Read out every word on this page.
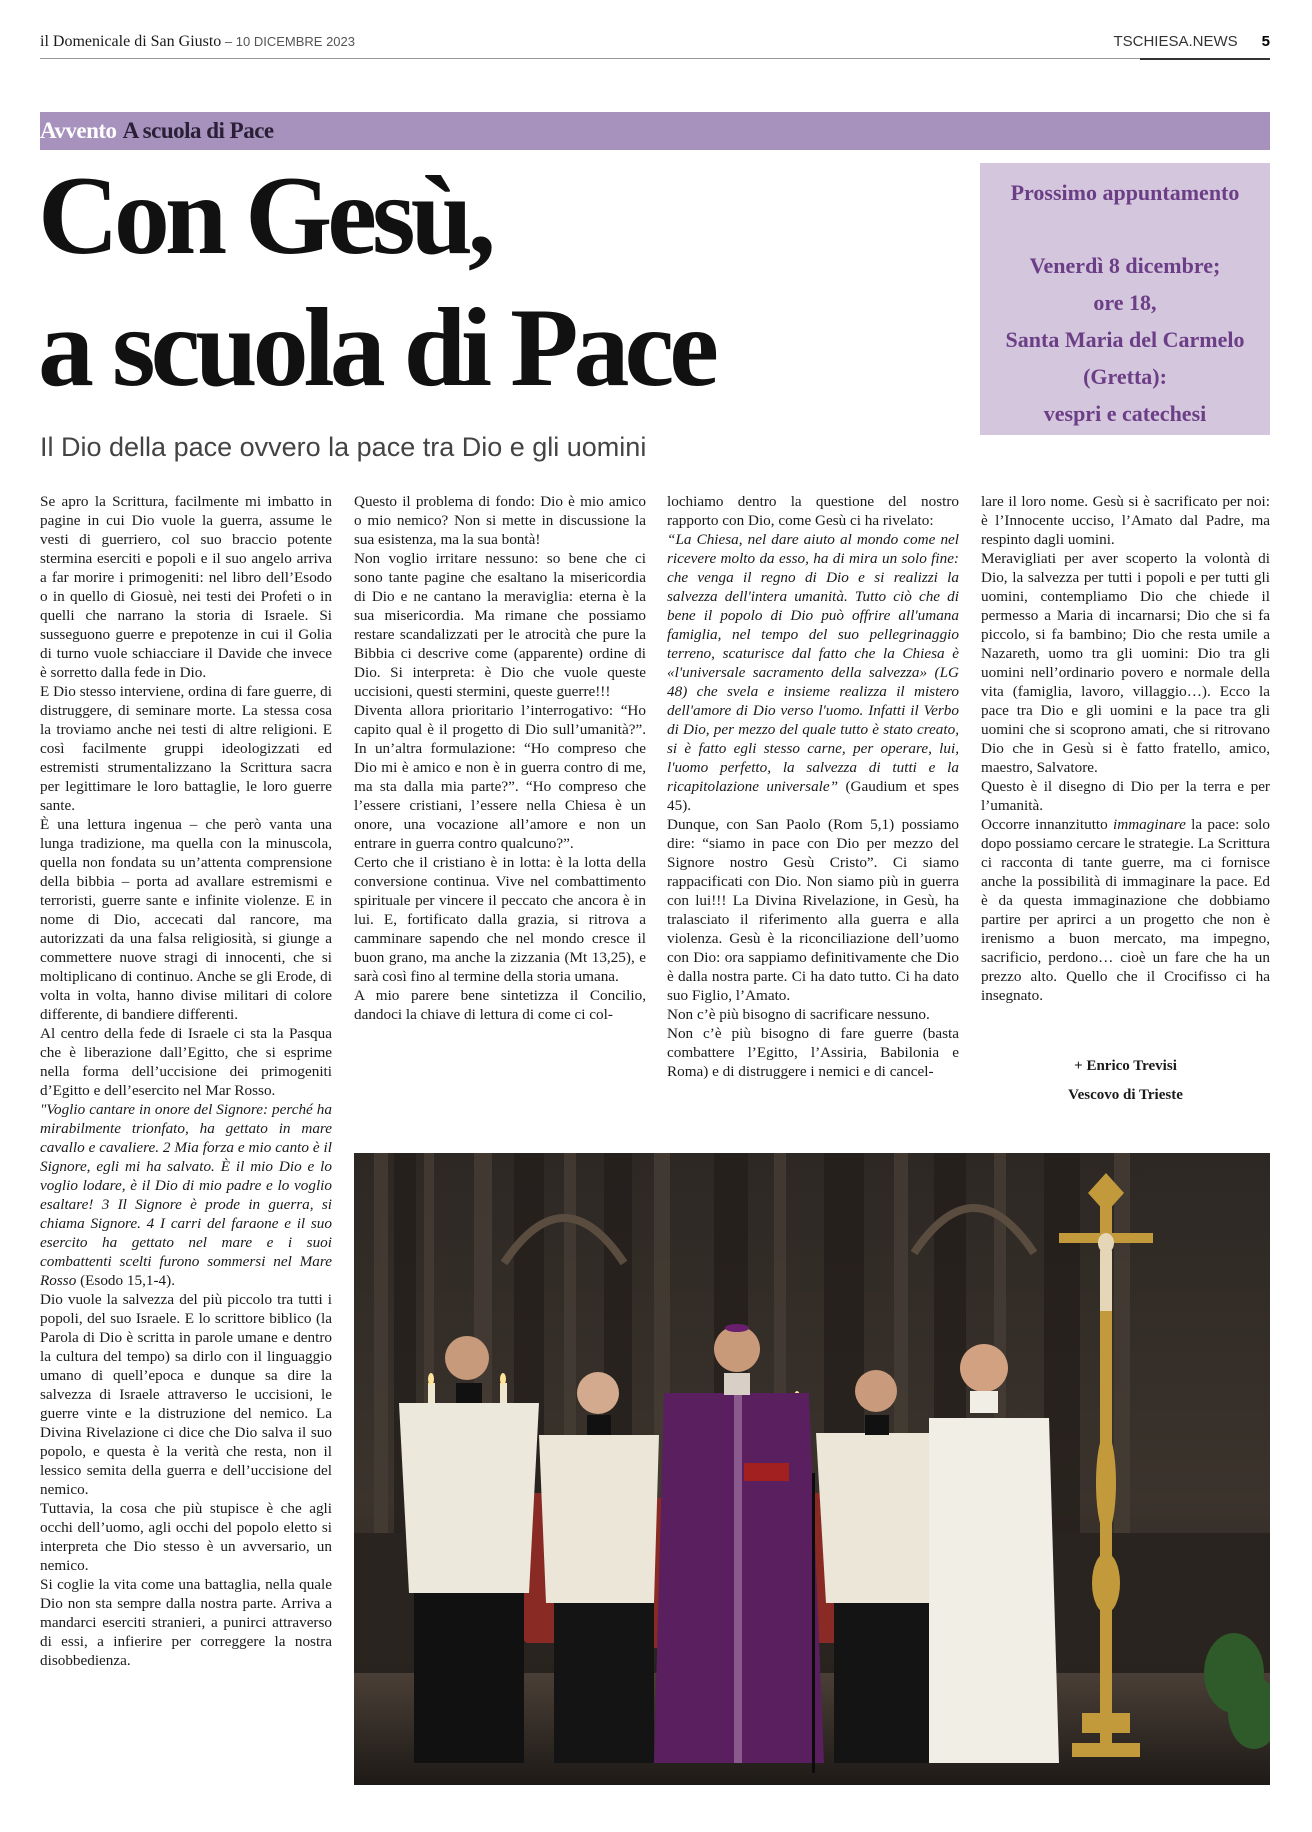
il Domenicale di San Giusto – 10 DICEMBRE 2023	TSCHIESA.NEWS 5
Avvento A scuola di Pace
Con Gesù,
a scuola di Pace
Prossimo appuntamento
Venerdì 8 dicembre;
ore 18,
Santa Maria del Carmelo
(Gretta):
vespri e catechesi
Il Dio della pace ovvero la pace tra Dio e gli uomini

Se apro la Scrittura, facilmente mi imbatto in pagine in cui Dio vuole la guerra, assume le vesti di guerriero, col suo braccio potente stermina eserciti e popoli e il suo angelo arriva a far morire i primogeniti: nel libro dell’Esodo o in quello di Giosuè, nei testi dei Profeti o in quelli che narrano la storia di Israele. Si susseguono guerre e prepotenze in cui il Golia di turno vuole schiacciare il Davide che invece è sorretto dalla fede in Dio.

E Dio stesso interviene, ordina di fare guerre, di distruggere, di seminare morte. La stessa cosa la troviamo anche nei testi di altre religioni. E così facilmente gruppi ideologizzati ed estremisti strumentalizzano la Scrittura sacra per legittimare le loro battaglie, le loro guerre sante.

È una lettura ingenua – che però vanta una lunga tradizione, ma quella con la minuscola, quella non fondata su un’attenta comprensione della bibbia – porta ad avallare estremismi e terroristi, guerre sante e infinite violenze. E in nome di Dio, accecati dal rancore, ma autorizzati da una falsa religiosità, si giunge a commettere nuove stragi di innocenti, che si moltiplicano di continuo. Anche se gli Erode, di volta in volta, hanno divise militari di colore differente, di bandiere differenti.

Al centro della fede di Israele ci sta la Pasqua che è liberazione dall’Egitto, che si esprime nella forma dell’uccisione dei primogeniti d’Egitto e dell’esercito nel Mar Rosso.

"Voglio cantare in onore del Signore: perché ha mirabilmente trionfato, ha gettato in mare cavallo e cavaliere. 2 Mia forza e mio canto è il Signore, egli mi ha salvato. È il mio Dio e lo voglio lodare, è il Dio di mio padre e lo voglio esaltare! 3 Il Signore è prode in guerra, si chiama Signore. 4 I carri del faraone e il suo esercito ha gettato nel mare e i suoi combattenti scelti furono sommersi nel Mare Rosso (Esodo 15,1-4).

Dio vuole la salvezza del più piccolo tra tutti i popoli, del suo Israele. E lo scrittore biblico (la Parola di Dio è scritta in parole umane e dentro la cultura del tempo) sa dirlo con il linguaggio umano di quell’epoca e dunque sa dire la salvezza di Israele attraverso le uccisioni, le guerre vinte e la distruzione del nemico. La Divina Rivelazione ci dice che Dio salva il suo popolo, e questa è la verità che resta, non il lessico semita della guerra e dell’uccisione del nemico.

Tuttavia, la cosa che più stupisce è che agli occhi dell’uomo, agli occhi del popolo eletto si interpreta che Dio stesso è un avversario, un nemico.

Si coglie la vita come una battaglia, nella quale Dio non sta sempre dalla nostra parte. Arriva a mandarci eserciti stranieri, a punirci attraverso di essi, a infierire per correggere la nostra disobbedienza.

Questo il problema di fondo: Dio è mio amico o mio nemico? Non si mette in discussione la sua esistenza, ma la sua bontà!

Non voglio irritare nessuno: so bene che ci sono tante pagine che esaltano la misericordia di Dio e ne cantano la meraviglia: eterna è la sua misericordia. Ma rimane che possiamo restare scandalizzati per le atrocità che pure la Bibbia ci descrive come (apparente) ordine di Dio. Si interpreta: è Dio che vuole queste uccisioni, questi stermini, queste guerre!!!

Diventa allora prioritario l’interrogativo: “Ho capito qual è il progetto di Dio sull’umanità?”. In un’altra formulazione: “Ho compreso che Dio mi è amico e non è in guerra contro di me, ma sta dalla mia parte?”. “Ho compreso che l’essere cristiani, l’essere nella Chiesa è un onore, una vocazione all’amore e non un entrare in guerra contro qualcuno?”.

Certo che il cristiano è in lotta: è la lotta della conversione continua. Vive nel combattimento spirituale per vincere il peccato che ancora è in lui. E, fortificato dalla grazia, si ritrova a camminare sapendo che nel mondo cresce il buon grano, ma anche la zizzania (Mt 13,25), e sarà così fino al termine della storia umana.

A mio parere bene sintetizza il Concilio, dandoci la chiave di lettura di come ci col-

lochiamo dentro la questione del nostro rapporto con Dio, come Gesù ci ha rivelato:

“La Chiesa, nel dare aiuto al mondo come nel ricevere molto da esso, ha di mira un solo fine: che venga il regno di Dio e si realizzi la salvezza dell'intera umanità. Tutto ciò che di bene il popolo di Dio può offrire all'umana famiglia, nel tempo del suo pellegrinaggio terreno, scaturisce dal fatto che la Chiesa è «l'universale sacramento della salvezza» (LG 48) che svela e insieme realizza il mistero dell'amore di Dio verso l'uomo. Infatti il Verbo di Dio, per mezzo del quale tutto è stato creato, si è fatto egli stesso carne, per operare, lui, l'uomo perfetto, la salvezza di tutti e la ricapitolazione universale” (Gaudium et spes 45).

Dunque, con San Paolo (Rom 5,1) possiamo dire: “siamo in pace con Dio per mezzo del Signore nostro Gesù Cristo”. Ci siamo rappacificati con Dio. Non siamo più in guerra con lui!!! La Divina Rivelazione, in Gesù, ha tralasciato il riferimento alla guerra e alla violenza. Gesù è la riconciliazione dell’uomo con Dio: ora sappiamo definitivamente che Dio è dalla nostra parte. Ci ha dato tutto. Ci ha dato suo Figlio, l’Amato.

Non c’è più bisogno di sacrificare nessuno.

Non c’è più bisogno di fare guerre (basta combattere l’Egitto, l’Assiria, Babilonia e Roma) e di distruggere i nemici e di cancel-

lare il loro nome. Gesù si è sacrificato per noi: è l’Innocente ucciso, l’Amato dal Padre, ma respinto dagli uomini.

Meravigliati per aver scoperto la volontà di Dio, la salvezza per tutti i popoli e per tutti gli uomini, contempliamo Dio che chiede il permesso a Maria di incarnarsi; Dio che si fa piccolo, si fa bambino; Dio che resta umile a Nazareth, uomo tra gli uomini: Dio tra gli uomini nell’ordinario povero e normale della vita (famiglia, lavoro, villaggio…). Ecco la pace tra Dio e gli uomini e la pace tra gli uomini che si scoprono amati, che si ritrovano Dio che in Gesù si è fatto fratello, amico, maestro, Salvatore.

Questo è il disegno di Dio per la terra e per l’umanità.

Occorre innanzitutto immaginare la pace: solo dopo possiamo cercare le strategie. La Scrittura ci racconta di tante guerre, ma ci fornisce anche la possibilità di immaginare la pace. Ed è da questa immaginazione che dobbiamo partire per aprirci a un progetto che non è irenismo a buon mercato, ma impegno, sacrificio, perdono… cioè un fare che ha un prezzo alto. Quello che il Crocifisso ci ha insegnato.

+ Enrico Trevisi
Vescovo di Trieste
